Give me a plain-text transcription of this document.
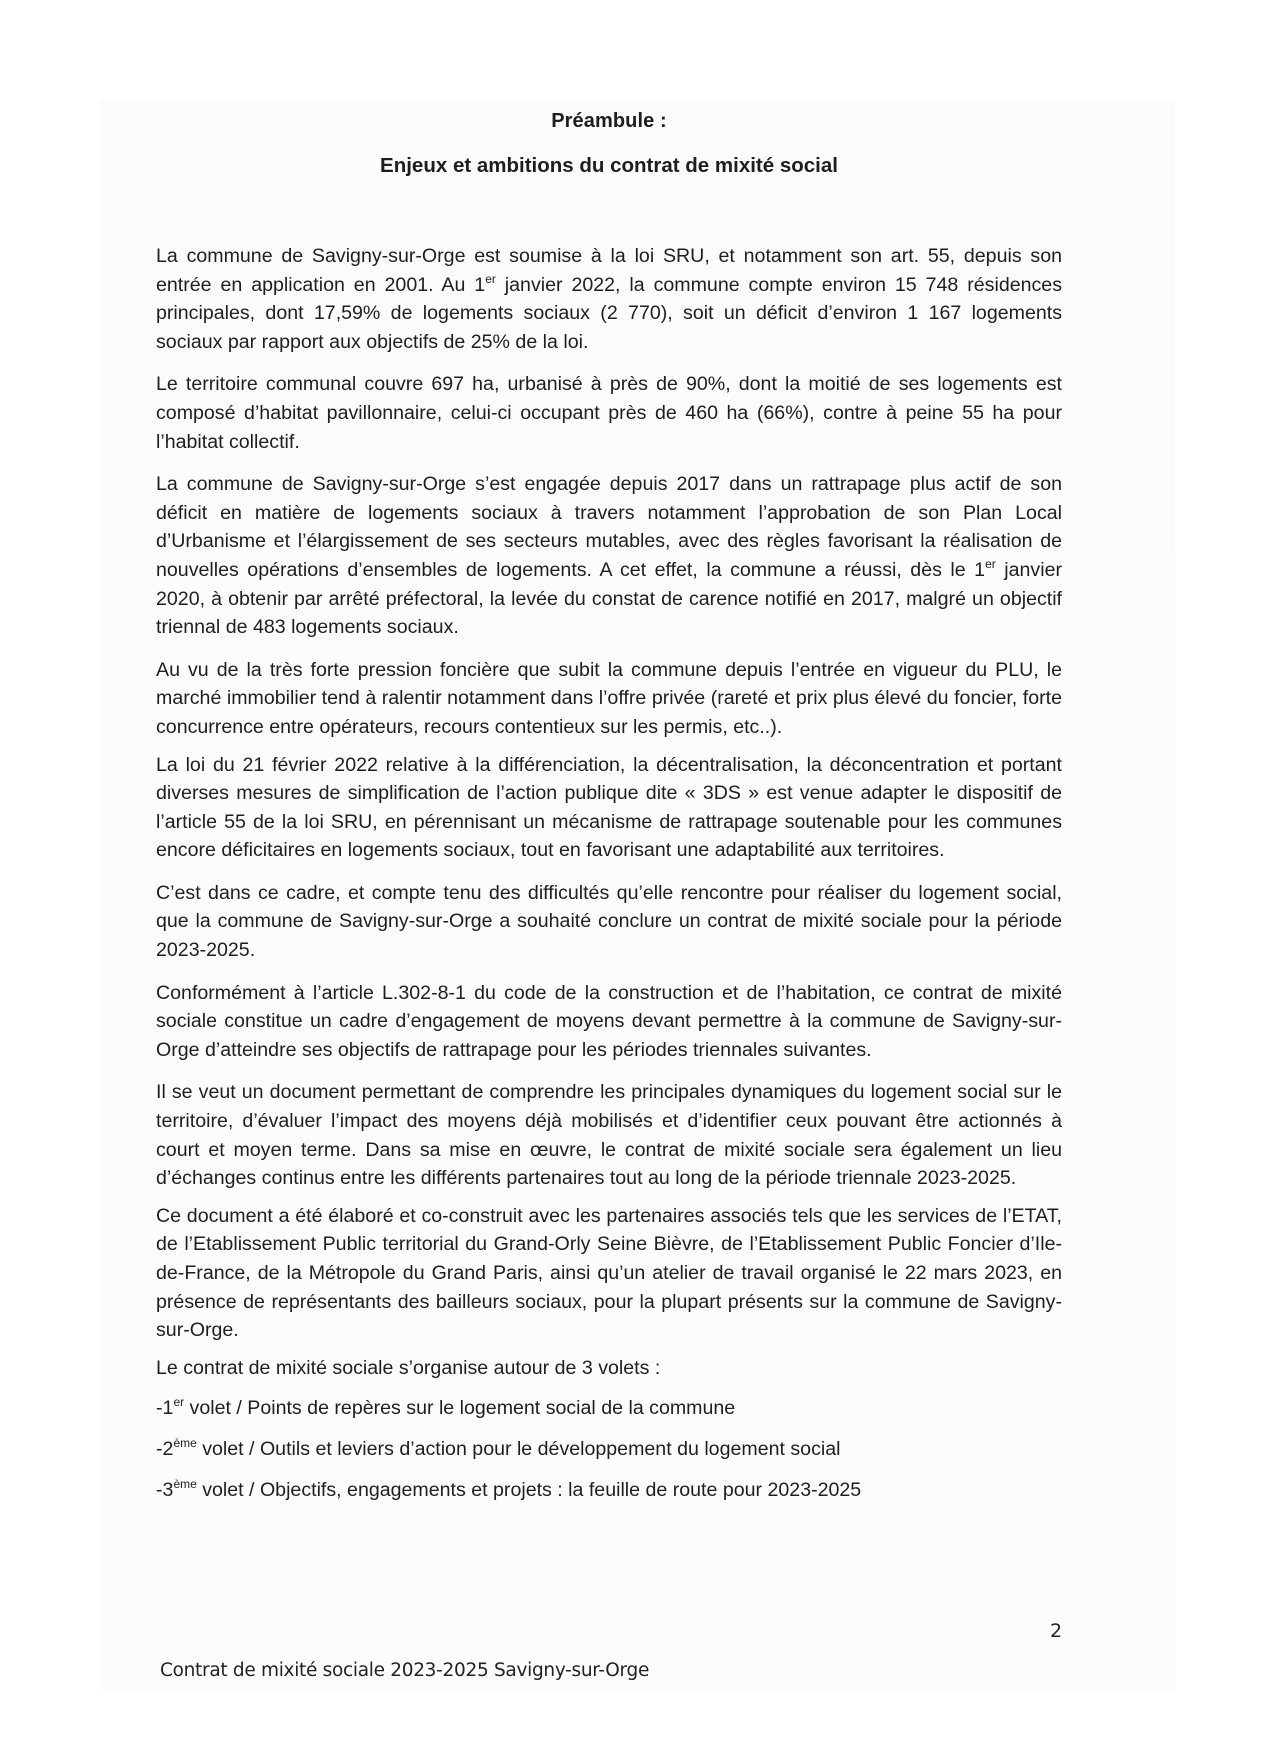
Préambule :
Enjeux et ambitions du contrat de mixité social

La commune de Savigny-sur-Orge est soumise à la loi SRU, et notamment son art. 55, depuis son entrée en application en 2001. Au 1er janvier 2022, la commune compte environ 15 748 résidences principales, dont 17,59% de logements sociaux (2 770), soit un déficit d’environ 1 167 logements sociaux par rapport aux objectifs de 25% de la loi.

Le territoire communal couvre 697 ha, urbanisé à près de 90%, dont la moitié de ses logements est composé d’habitat pavillonnaire, celui-ci occupant près de 460 ha (66%), contre à peine 55 ha pour l’habitat collectif.

La commune de Savigny-sur-Orge s’est engagée depuis 2017 dans un rattrapage plus actif de son déficit en matière de logements sociaux à travers notamment l’approbation de son Plan Local d’Urbanisme et l’élargissement de ses secteurs mutables, avec des règles favorisant la réalisation de nouvelles opérations d’ensembles de logements. A cet effet, la commune a réussi, dès le 1er janvier 2020, à obtenir par arrêté préfectoral, la levée du constat de carence notifié en 2017, malgré un objectif triennal de 483 logements sociaux.

Au vu de la très forte pression foncière que subit la commune depuis l’entrée en vigueur du PLU, le marché immobilier tend à ralentir notamment dans l’offre privée (rareté et prix plus élevé du foncier, forte concurrence entre opérateurs, recours contentieux sur les permis, etc..).

La loi du 21 février 2022 relative à la différenciation, la décentralisation, la déconcentration et portant diverses mesures de simplification de l’action publique dite « 3DS » est venue adapter le dispositif de l’article 55 de la loi SRU, en pérennisant un mécanisme de rattrapage soutenable pour les communes encore déficitaires en logements sociaux, tout en favorisant une adaptabilité aux territoires.

C’est dans ce cadre, et compte tenu des difficultés qu’elle rencontre pour réaliser du logement social, que la commune de Savigny-sur-Orge a souhaité conclure un contrat de mixité sociale pour la période 2023-2025.

Conformément à l’article L.302-8-1 du code de la construction et de l’habitation, ce contrat de mixité sociale constitue un cadre d’engagement de moyens devant permettre à la commune de Savigny-sur-Orge d’atteindre ses objectifs de rattrapage pour les périodes triennales suivantes.

Il se veut un document permettant de comprendre les principales dynamiques du logement social sur le territoire, d’évaluer l’impact des moyens déjà mobilisés et d’identifier ceux pouvant être actionnés à court et moyen terme. Dans sa mise en œuvre, le contrat de mixité sociale sera également un lieu d’échanges continus entre les différents partenaires tout au long de la période triennale 2023-2025.

Ce document a été élaboré et co-construit avec les partenaires associés tels que les services de l’ETAT, de l’Etablissement Public territorial du Grand-Orly Seine Bièvre, de l’Etablissement Public Foncier d’Ile-de-France, de la Métropole du Grand Paris, ainsi qu’un atelier de travail organisé le 22 mars 2023, en présence de représentants des bailleurs sociaux, pour la plupart présents sur la commune de Savigny-sur-Orge.

Le contrat de mixité sociale s’organise autour de 3 volets :

-1er volet / Points de repères sur le logement social de la commune

-2ème volet / Outils et leviers d’action pour le développement du logement social

-3ème volet / Objectifs, engagements et projets : la feuille de route pour 2023-2025

2
Contrat de mixité sociale 2023-2025 Savigny-sur-Orge
